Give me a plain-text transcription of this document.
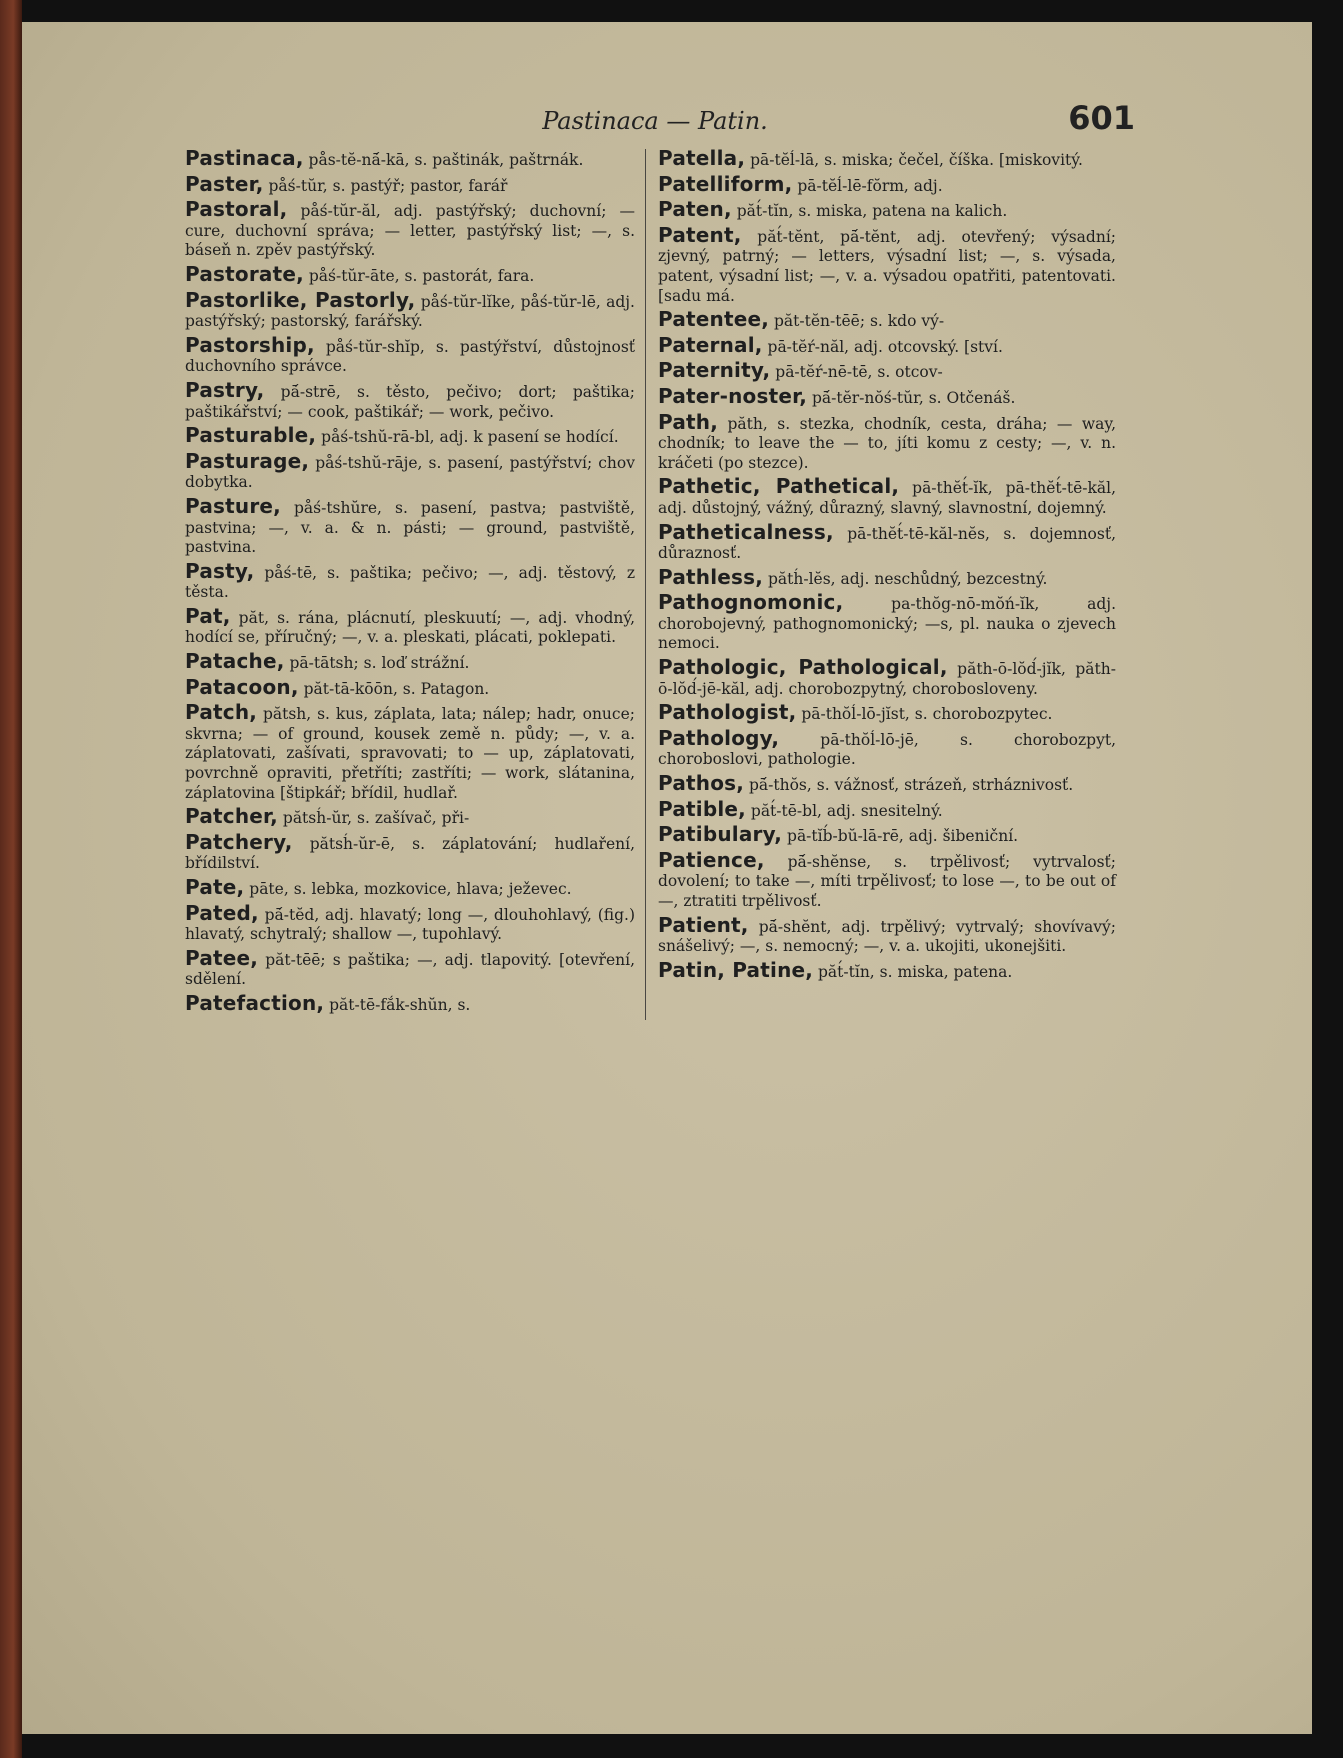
Pastinaca — Patin.	601

Pastinaca, pås-tĕ-nā́-kā, s. paštinák, paštrnák.

Paster, påś-tŭr, s. pastýř; pastor, farář

Pastoral, påś-tŭr-ăl, adj. pastýřský; duchovní; — cure, duchovní správa; — letter, pastýřský list; —, s. báseň n. zpěv pastýřský.

Pastorate, påś-tŭr-āte, s. pastorát, fara.

Pastorlike, Pastorly, påś-tŭr-lĭke, påś-tŭr-lē, adj. pastýřský; pastorský, farářský.

Pastorship, påś-tŭr-shĭp, s. pastýřství, důstojnosť duchovního správce.

Pastry, pā́-strē, s. těsto, pečivo; dort; paštika; paštikářství; — cook, paštikář; — work, pečivo.

Pasturable, påś-tshŭ-rā-bl, adj. k pasení se hodící.

Pasturage, påś-tshŭ-rāje, s. pasení, pastýřství; chov dobytka.

Pasture, påś-tshŭre, s. pasení, pastva; pastviště, pastvina; —, v. a. & n. pásti; — ground, pastviště, pastvina.

Pasty, påś-tē, s. paštika; pečivo; —, adj. těstový, z těsta.

Pat, păt, s. rána, plácnutí, pleskuutí; —, adj. vhodný, hodící se, příručný; —, v. a. pleskati, plácati, poklepati.

Patache, pā-tātsh; s. loď strážní.

Patacoon, păt-tā-kōōn, s. Patagon.

Patch, pătsh, s. kus, záplata, lata; nálep; hadr, onuce; skvrna; — of ground, kousek země n. půdy; —, v. a. záplatovati, zašívati, spravovati; to — up, záplatovati, povrchně opraviti, přetříti; zastříti; — work, slátanina, záplatovina [štipkář; břídil, hudlař.

Patcher, pătsh́-ŭr, s. zašívač, při-

Patchery, pătsh́-ŭr-ē, s. záplatování; hudlaření, břídilství.

Pate, pāte, s. lebka, mozkovice, hlava; ježevec.

Pated, pā́-tĕd, adj. hlavatý; long —, dlouhohlavý, (fig.) hlavatý, schytralý; shallow —, tupohlavý.

Patee, păt-tēē; s paštika; —, adj. tlapovitý. [otevření, sdělení.

Patefaction, păt-tē-fắk-shŭn, s.

Patella, pā-tĕĺ-lā, s. miska; čečel, číška. [miskovitý.

Patelliform, pā-tĕĺ-lē-fŏrm, adj.

Paten, păt́-tĭn, s. miska, patena na kalich.

Patent, păt́-tĕnt, pā́-tĕnt, adj. otevřený; výsadní; zjevný, patrný; — letters, výsadní list; —, s. výsada, patent, výsadní list; —, v. a. výsadou opatřiti, patentovati. [sadu má.

Patentee, păt-tĕn-tēē; s. kdo vý-

Paternal, pā-tĕŕ-năl, adj. otcovský. [ství.

Paternity, pā-tĕŕ-nē-tē, s. otcov-

Pater-noster, pā́-tĕr-nŏś-tŭr, s. Otčenáš.

Path, păth, s. stezka, chodník, cesta, dráha; — way, chodník; to leave the — to, jíti komu z cesty; —, v. n. kráčeti (po stezce).

Pathetic, Pathetical, pā-thĕt́-ĭk, pā-thĕt́-tē-kăl, adj. důstojný, vážný, důrazný, slavný, slavnostní, dojemný.

Patheticalness, pā-thĕt́-tē-kăl-nĕs, s. dojemnosť, důraznosť.

Pathless, păth́-lĕs, adj. neschůdný, bezcestný.

Pathognomonic, pa-thŏg-nō-mŏń-ĭk, adj. chorobojevný, pathognomonický; —s, pl. nauka o zjevech nemoci.

Pathologic, Pathological, păth-ō-lŏd́-jĭk, păth-ō-lŏd́-jē-kăl, adj. chorobozpytný, chorobosloveny.

Pathologist, pā-thŏĺ-lō-jĭst, s. chorobozpytec.

Pathology, pā-thŏĺ-lō-jē, s. chorobozpyt, choroboslovi, pathologie.

Pathos, pā́-thŏs, s. vážnosť, strázeň, strháznivosť.

Patible, păt́-tē-bl, adj. snesitelný.

Patibulary, pā-tĭb́-bŭ-lā-rē, adj. šibeniční.

Patience, pā́-shĕnse, s. trpělivosť; vytrvalosť; dovolení; to take —, míti trpělivosť; to lose —, to be out of —, ztratiti trpělivosť.

Patient, pā́-shĕnt, adj. trpělivý; vytrvalý; shovívavý; snášelivý; —, s. nemocný; —, v. a. ukojiti, ukonejšiti.

Patin, Patine, păt́-tĭn, s. miska, patena.
